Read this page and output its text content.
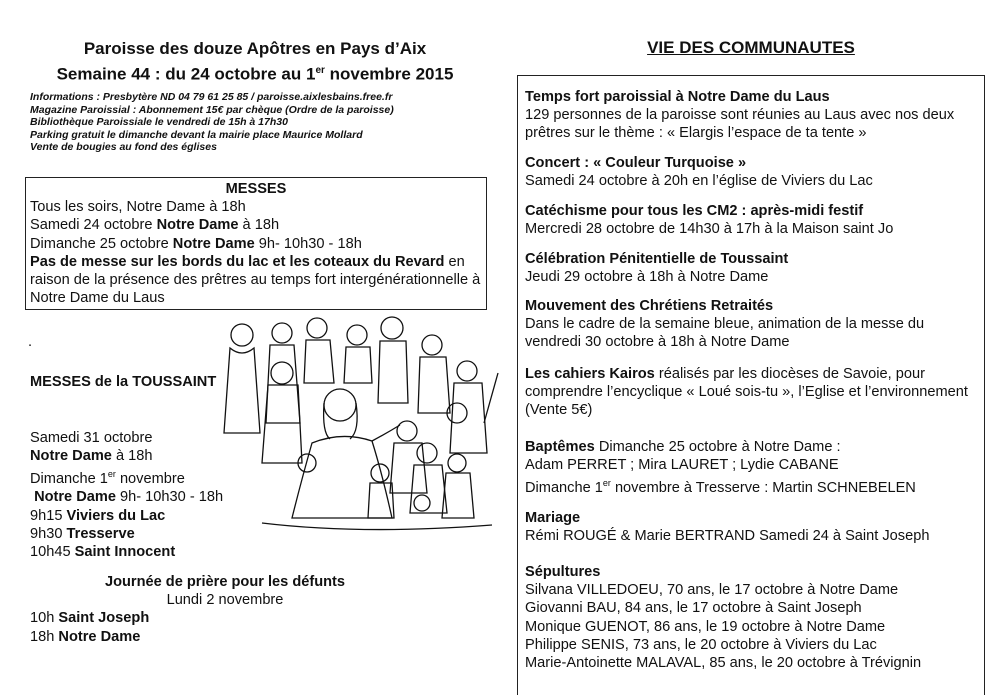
Paroisse des douze Apôtres en Pays d’Aix
Semaine 44 : du 24 octobre au 1er novembre 2015
Informations : Presbytère ND 04 79 61 25 85 / paroisse.aixlesbains.free.fr
Magazine Paroissial : Abonnement 15€ par chèque (Ordre de la paroisse)
Bibliothèque Paroissiale le vendredi de 15h à 17h30
Parking gratuit le dimanche devant la mairie place Maurice Mollard
Vente de bougies au fond des églises
MESSES
Tous les soirs, Notre Dame à 18h
Samedi 24 octobre Notre Dame à 18h
Dimanche 25 octobre Notre Dame 9h- 10h30 - 18h
Pas de messe sur les bords du lac et les coteaux du Revard en raison de la présence des prêtres au temps fort intergénérationnelle à Notre Dame du Laus
.
MESSES de la TOUSSAINT
Samedi 31 octobre
Notre Dame à 18h
Dimanche 1er novembre
Notre Dame 9h- 10h30 - 18h
9h15 Viviers du Lac
9h30 Tresserve
10h45 Saint Innocent
Journée de prière pour les défunts
Lundi 2 novembre
10h Saint Joseph
18h Notre Dame
VIE DES COMMUNAUTES
Temps fort paroissial à Notre Dame du Laus
129 personnes de la paroisse sont réunies au Laus avec nos deux prêtres sur le thème : « Elargis l’espace de ta tente »
Concert : « Couleur Turquoise »
Samedi 24 octobre à 20h en l’église de Viviers du Lac
Catéchisme pour tous les CM2 : après-midi festif
Mercredi 28 octobre de 14h30 à 17h à la Maison saint Jo
Célébration Pénitentielle de Toussaint
Jeudi 29 octobre à 18h à Notre Dame
Mouvement des Chrétiens Retraités
Dans le cadre de la semaine bleue, animation de la messe du vendredi 30 octobre à 18h à Notre Dame
Les cahiers Kairos réalisés par les diocèses de Savoie, pour comprendre l’encyclique « Loué sois-tu », l’Eglise et l’environnement (Vente 5€)
Baptêmes Dimanche 25 octobre à Notre Dame :
Adam PERRET ; Mira LAURET ; Lydie CABANE
Dimanche 1er novembre à Tresserve : Martin SCHNEBELEN
Mariage
Rémi ROUGÉ & Marie BERTRAND Samedi 24 à Saint Joseph
Sépultures
Silvana VILLEDOEU, 70 ans, le 17 octobre à Notre Dame
Giovanni BAU, 84 ans, le 17 octobre à Saint Joseph
Monique GUENOT, 86 ans, le 19 octobre à Notre Dame
Philippe SENIS, 73 ans, le 20 octobre à Viviers du Lac
Marie-Antoinette MALAVAL, 85 ans, le 20 octobre à Trévignin
